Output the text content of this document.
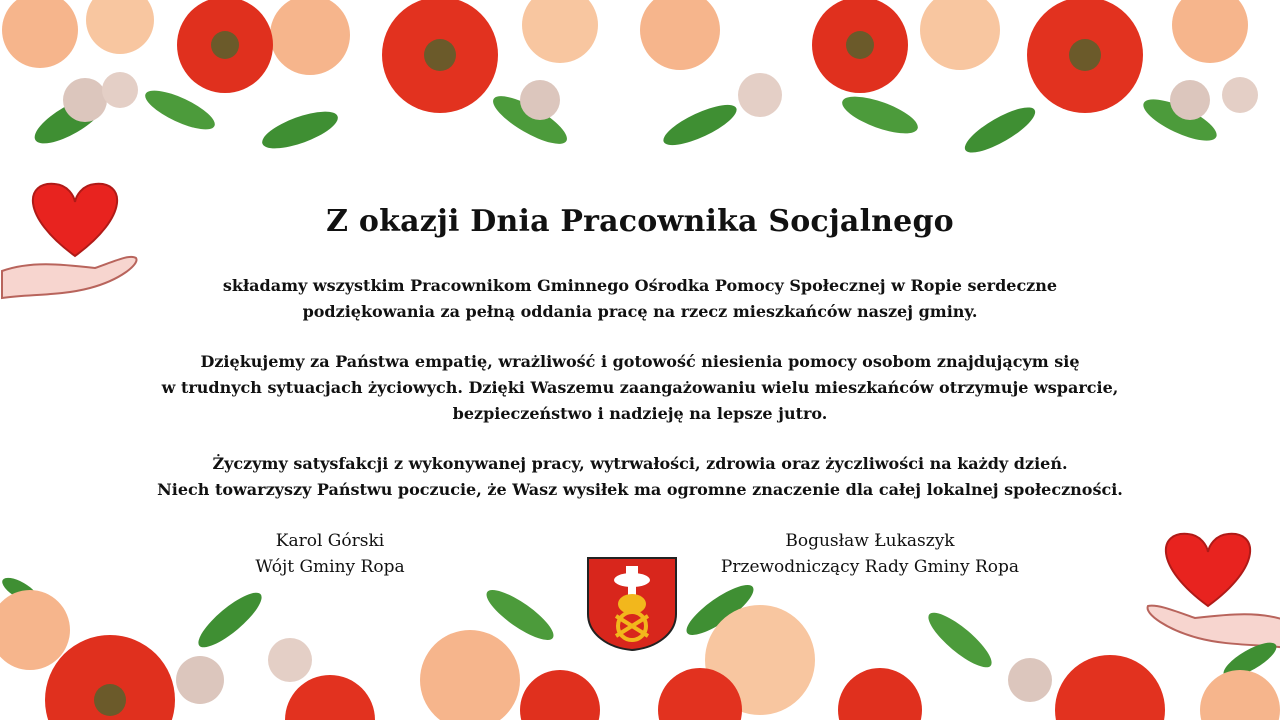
Z okazji Dnia Pracownika Socjalnego

składamy wszystkim Pracownikom Gminnego Ośrodka Pomocy Społecznej w Ropie serdeczne
podziękowania za pełną oddania pracę na rzecz mieszkańców naszej gminy.

Dziękujemy za Państwa empatię, wrażliwość i gotowość niesienia pomocy osobom znajdującym się
w trudnych sytuacjach życiowych. Dzięki Waszemu zaangażowaniu wielu mieszkańców otrzymuje wsparcie,
bezpieczeństwo i nadzieję na lepsze jutro.

Życzymy satysfakcji z wykonywanej pracy, wytrwałości, zdrowia oraz życzliwości na każdy dzień.
Niech towarzyszy Państwu poczucie, że Wasz wysiłek ma ogromne znaczenie dla całej lokalnej społeczności.

Karol Górski
Wójt Gminy Ropa
Bogusław Łukaszyk
Przewodniczący Rady Gminy Ropa
